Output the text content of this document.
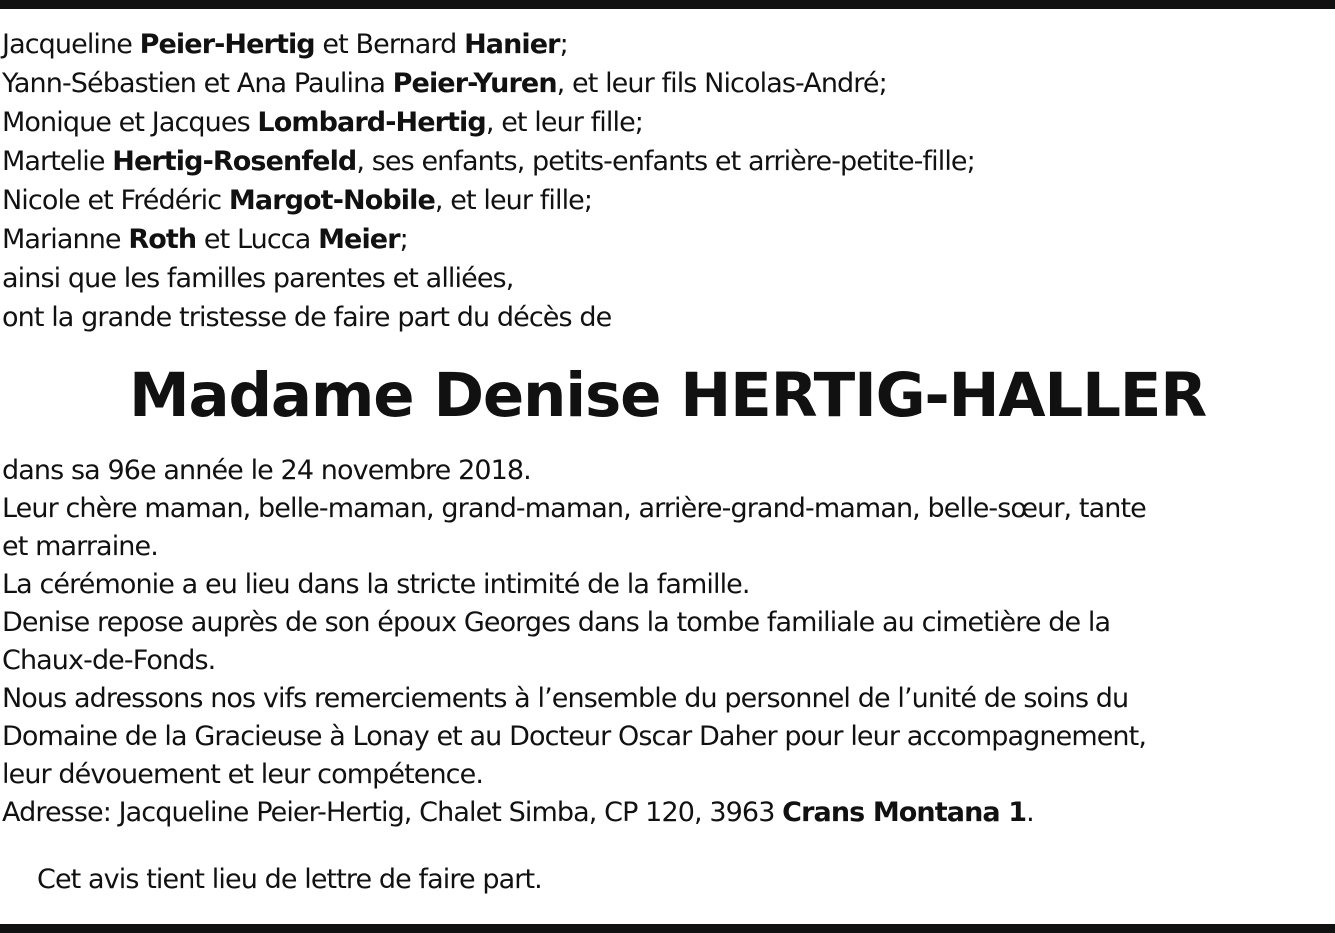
Jacqueline Peier-Hertig et Bernard Hanier;
Yann-Sébastien et Ana Paulina Peier-Yuren, et leur fils Nicolas-André;
Monique et Jacques Lombard-Hertig, et leur fille;
Martelie Hertig-Rosenfeld, ses enfants, petits-enfants et arrière-petite-fille;
Nicole et Frédéric Margot-Nobile, et leur fille;
Marianne Roth et Lucca Meier;
ainsi que les familles parentes et alliées,
ont la grande tristesse de faire part du décès de
Madame Denise HERTIG-HALLER
dans sa 96e année le 24 novembre 2018.
Leur chère maman, belle-maman, grand-maman, arrière-grand-maman, belle-sœur, tante
et marraine.
La cérémonie a eu lieu dans la stricte intimité de la famille.
Denise repose auprès de son époux Georges dans la tombe familiale au cimetière de la
Chaux-de-Fonds.
Nous adressons nos vifs remerciements à l’ensemble du personnel de l’unité de soins du
Domaine de la Gracieuse à Lonay et au Docteur Oscar Daher pour leur accompagnement,
leur dévouement et leur compétence.
Adresse: Jacqueline Peier-Hertig, Chalet Simba, CP 120, 3963 Crans Montana 1.
Cet avis tient lieu de lettre de faire part.
